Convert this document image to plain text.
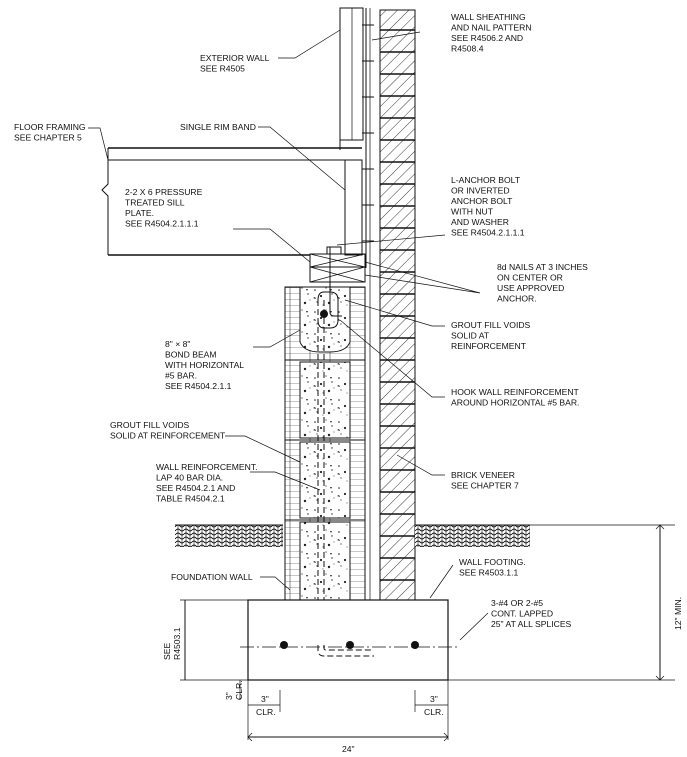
WALL SHEATHING AND NAIL PATTERN SEE R4506.2 AND R4508.4
EXTERIOR WALL SEE R4505
FLOOR FRAMING SEE CHAPTER 5
SINGLE RIM BAND
2-2 X 6 PRESSURE TREATED SILL PLATE. SEE R4504.2.1.1.1
L-ANCHOR BOLT OR INVERTED ANCHOR BOLT WITH NUT AND WASHER SEE R4504.2.1.1.1
8d NAILS AT 3 INCHES ON CENTER OR USE APPROVED ANCHOR.
GROUT FILL VOIDS SOLID AT REINFORCEMENT
8" × 8" BOND BEAM WITH HORIZONTAL #5 BAR. SEE R4504.2.1.1
HOOK WALL REINFORCEMENT AROUND HORIZONTAL #5 BAR.
GROUT FILL VOIDS SOLID AT REINFORCEMENT
WALL REINFORCEMENT. LAP 40 BAR DIA. SEE R4504.2.1 AND TABLE R4504.2.1
BRICK VENEER SEE CHAPTER 7
FOUNDATION WALL
WALL FOOTING. SEE R4503.1.1
3-#4 OR 2-#5 CONT. LAPPED 25" AT ALL SPLICES
SEE R4503.1
12" MIN.
3" CLR.	3" CLR.
3" CLR.
24"
